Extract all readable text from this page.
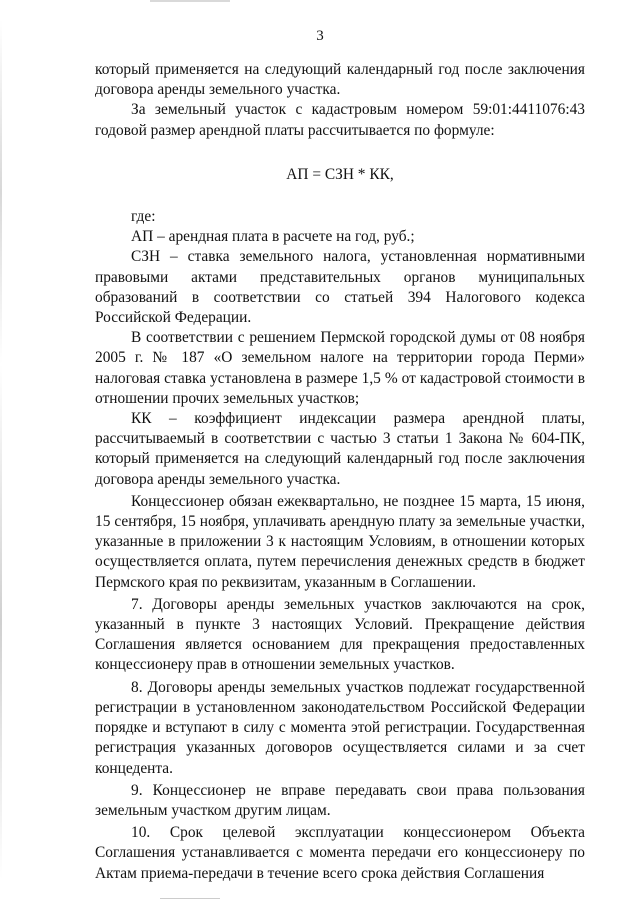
3

который применяется на следующий календарный год после заключения договора аренды земельного участка.

За земельный участок с кадастровым номером 59:01:4411076:43 годовой размер арендной платы рассчитывается по формуле:

АП = СЗН * КК,

где:

АП – арендная плата в расчете на год, руб.;

СЗН – ставка земельного налога, установленная нормативными правовыми актами представительных органов муниципальных образований в соответствии со статьей 394 Налогового кодекса Российской Федерации.

В соответствии с решением Пермской городской думы от 08 ноября 2005 г. № 187 «О земельном налоге на территории города Перми» налоговая ставка установлена в размере 1,5 % от кадастровой стоимости в отношении прочих земельных участков;

КК – коэффициент индексации размера арендной платы, рассчитываемый в соответствии с частью 3 статьи 1 Закона № 604-ПК, который применяется на следующий календарный год после заключения договора аренды земельного участка.

Концессионер обязан ежеквартально, не позднее 15 марта, 15 июня, 15 сентября, 15 ноября, уплачивать арендную плату за земельные участки, указанные в приложении 3 к настоящим Условиям, в отношении которых осуществляется оплата, путем перечисления денежных средств в бюджет Пермского края по реквизитам, указанным в Соглашении.

7. Договоры аренды земельных участков заключаются на срок, указанный в пункте 3 настоящих Условий. Прекращение действия Соглашения является основанием для прекращения предоставленных концессионеру прав в отношении земельных участков.

8. Договоры аренды земельных участков подлежат государственной регистрации в установленном законодательством Российской Федерации порядке и вступают в силу с момента этой регистрации. Государственная регистрация указанных договоров осуществляется силами и за счет концедента.

9. Концессионер не вправе передавать свои права пользования земельным участком другим лицам.

10. Срок целевой эксплуатации концессионером Объекта Соглашения устанавливается с момента передачи его концессионеру по Актам приема-передачи в течение всего срока действия Соглашения
